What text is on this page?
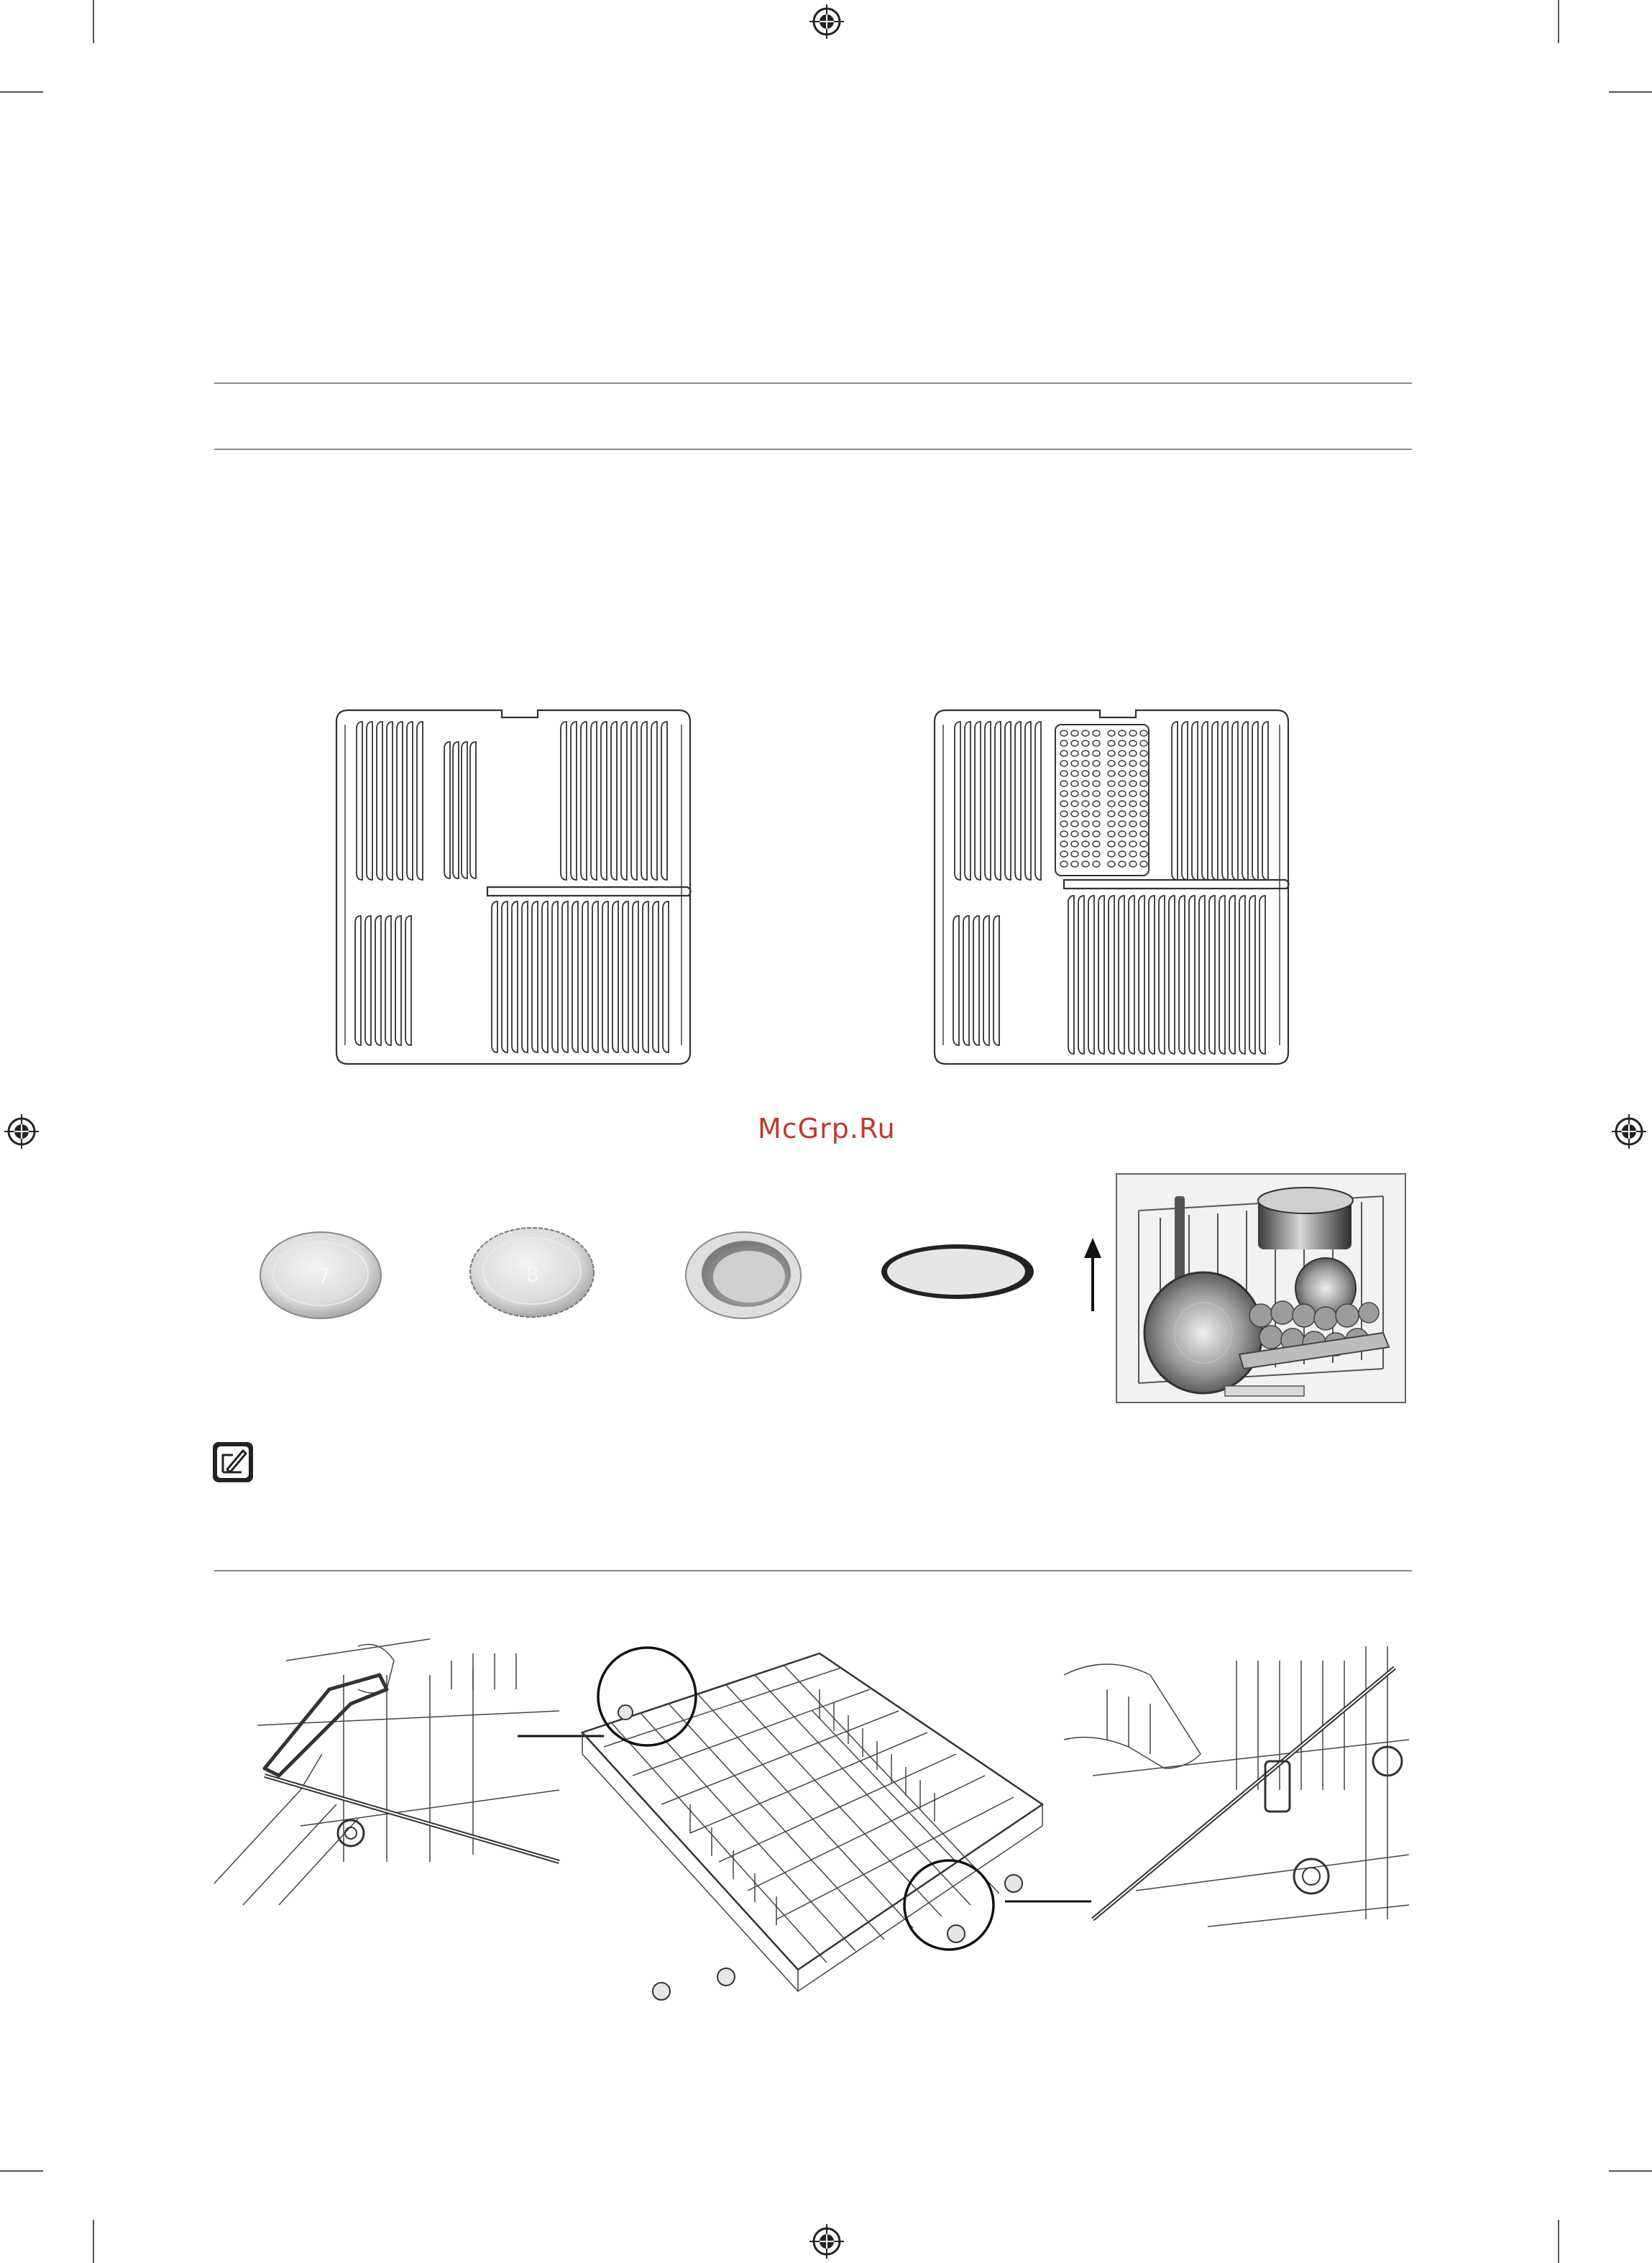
McGrp.Ru
7	8
